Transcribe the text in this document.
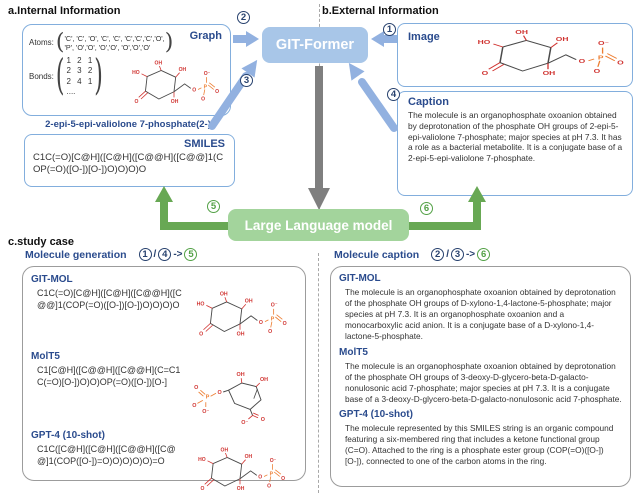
a.Internal Information
Atoms: ( 'C', 'C', 'O', 'C', 'C', 'C','C','C','O',
'P', 'O','O', 'O','O', 'O','O','O' ) Graph
Bonds: ( 1 2 1
2 3 2
2 4 1
.... )
2-epi-5-epi-valiolone 7-phosphate(2-)
SMILES
C1C(=O)[C@H]([C@H]([C@@H]([C@@]1(COP(=O)([O-])[O-])O)O)O)O
b.External Information
Image
Caption
The molecule is an organophosphate oxoanion obtained by deprotonation of the phosphate OH groups of 2-epi-5-epi-valiolone 7-phosphate; major species at pH 7.3. It has a role as a bacterial metabolite. It is a conjugate base of a 2-epi-5-epi-valiolone 7-phosphate.
GIT-Former
Large Language model
2
3
1
4
5	6
c.study case
Molecule generation	1 / 4 -> 5	Molecule caption	2 / 3 -> 6
GIT-MOL
C1C(=O)[C@H]([C@H]([C@@H]([C@@]1(COP(=O)([O-])[O-])O)O)O)O
MolT5
C1[C@H]([C@@H]([C@@H](C=C1C(=O)[O-])O)O)OP(=O)([O-])[O-]
GPT-4 (10-shot)
C1C([C@H]([C@H]([C@@H]([C@@]1(COP([O-])=O)O)O)O)O)=O
GIT-MOL

The molecule is an organophosphate oxoanion obtained by deprotonation of the phosphate OH groups of D-xylono-1,4-lactone-5-phosphate; major species at pH 7.3. It is an organophosphate oxoanion and a monocarboxylic acid anion. It is a conjugate base of a D-xylono-1,4-lactone-5-phosphate.

MolT5

The molecule is an organophosphate oxoanion obtained by deprotonation of the phosphate OH groups of 3-deoxy-D-glycero-beta-D-galacto-nonulosonic acid 7-phosphate; major species at pH 7.3. It is a conjugate base of a 3-deoxy-D-glycero-beta-D-galacto-nonulosonic acid 7-phosphate.

GPT-4 (10-shot)

The molecule represented by this SMILES string is an organic compound featuring a six-membered ring that includes a ketone functional group (C=O). Attached to the ring is a phosphate ester group (COP(=O)([O-])[O-]), connected to one of the carbon atoms in the ring.
